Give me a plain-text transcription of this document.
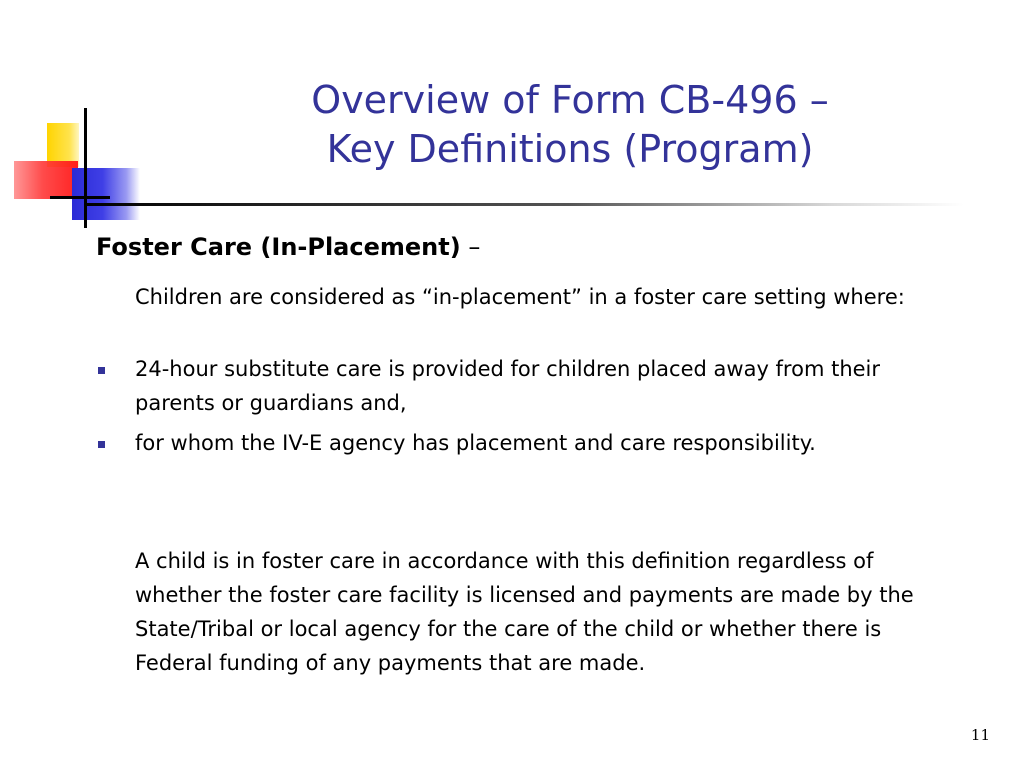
Overview of Form CB-496 –
Key Definitions (Program)
Foster Care (In-Placement) –
Children are considered as “in-placement” in a foster care setting where:
24-hour substitute care is provided for children placed away from their parents or guardians and,
for whom the IV-E agency has placement and care responsibility.
A child is in foster care in accordance with this definition regardless of whether the foster care facility is licensed and payments are made by the State/Tribal or local agency for the care of the child or whether there is Federal funding of any payments that are made.
11
